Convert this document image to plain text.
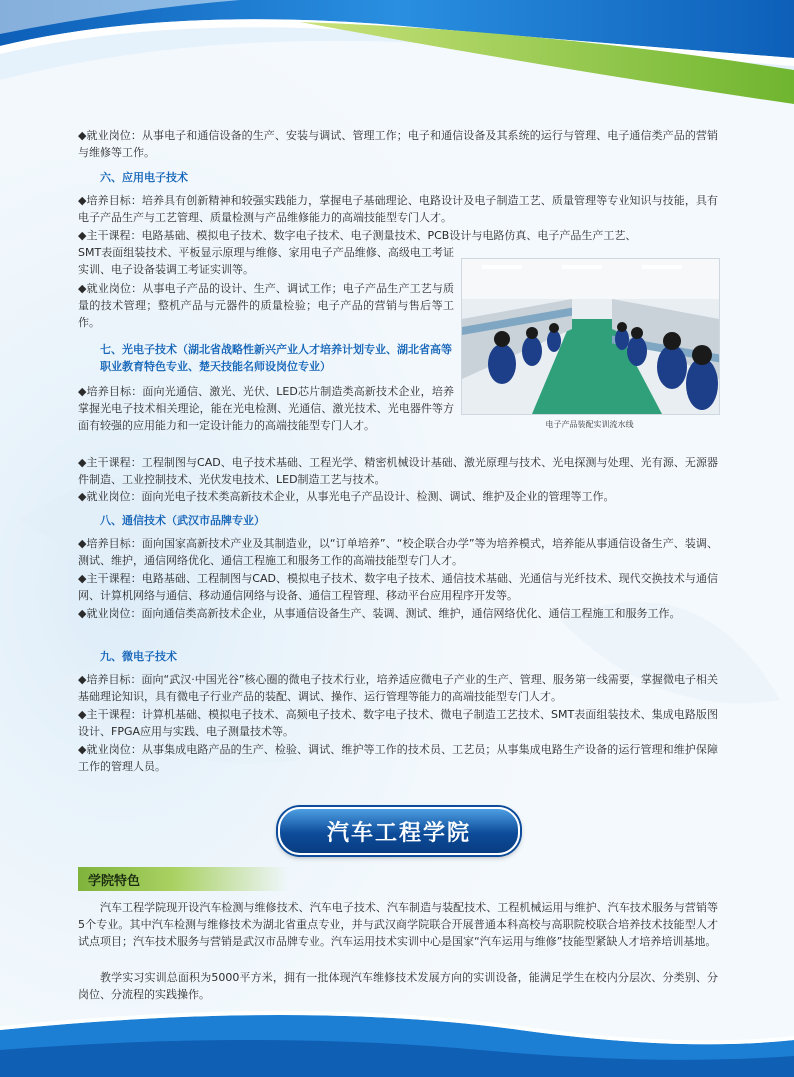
◆就业岗位：从事电子和通信设备的生产、安装与调试、管理工作；电子和通信设备及其系统的运行与管理、电子通信类产品的营销与维修等工作。

六、应用电子技术

◆培养目标：培养具有创新精神和较强实践能力，掌握电子基础理论、电路设计及电子制造工艺、质量管理等专业知识与技能，具有电子产品生产与工艺管理、质量检测与产品维修能力的高端技能型专门人才。

◆主干课程：电路基础、模拟电子技术、数字电子技术、电子测量技术、PCB设计与电路仿真、电子产品生产工艺、

SMT表面组装技术、平板显示原理与维修、家用电子产品维修、高级电工考证实训、电子设备装调工考证实训等。

◆就业岗位：从事电子产品的设计、生产、调试工作；电子产品生产工艺与质量的技术管理；整机产品与元器件的质量检验；电子产品的营销与售后等工作。

七、光电子技术（湖北省战略性新兴产业人才培养计划专业、湖北省高等职业教育特色专业、楚天技能名师设岗位专业）

◆培养目标：面向光通信、激光、光伏、LED芯片制造类高新技术企业，培养掌握光电子技术相关理论，能在光电检测、光通信、激光技术、光电器件等方面有较强的应用能力和一定设计能力的高端技能型专门人才。

◆主干课程：工程制图与CAD、电子技术基础、工程光学、精密机械设计基础、激光原理与技术、光电探测与处理、光有源、无源器件制造、工业控制技术、光伏发电技术、LED制造工艺与技术。

◆就业岗位：面向光电子技术类高新技术企业，从事光电子产品设计、检测、调试、维护及企业的管理等工作。

电子产品装配实训流水线
八、通信技术（武汉市品牌专业）

◆培养目标：面向国家高新技术产业及其制造业，以“订单培养”、“校企联合办学”等为培养模式，培养能从事通信设备生产、装调、测试、维护，通信网络优化、通信工程施工和服务工作的高端技能型专门人才。

◆主干课程：电路基础、工程制图与CAD、模拟电子技术、数字电子技术、通信技术基础、光通信与光纤技术、现代交换技术与通信网、计算机网络与通信、移动通信网络与设备、通信工程管理、移动平台应用程序开发等。

◆就业岗位：面向通信类高新技术企业，从事通信设备生产、装调、测试、维护，通信网络优化、通信工程施工和服务工作。

九、微电子技术

◆培养目标：面向“武汉·中国光谷”核心圈的微电子技术行业，培养适应微电子产业的生产、管理、服务第一线需要，掌握微电子相关基础理论知识，具有微电子行业产品的装配、调试、操作、运行管理等能力的高端技能型专门人才。

◆主干课程：计算机基础、模拟电子技术、高频电子技术、数字电子技术、微电子制造工艺技术、SMT表面组装技术、集成电路版图设计、FPGA应用与实践、电子测量技术等。

◆就业岗位：从事集成电路产品的生产、检验、调试、维护等工作的技术员、工艺员；从事集成电路生产设备的运行管理和维护保障工作的管理人员。

汽车工程学院
学院特色

汽车工程学院现开设汽车检测与维修技术、汽车电子技术、汽车制造与装配技术、工程机械运用与维护、汽车技术服务与营销等5个专业。其中汽车检测与维修技术为湖北省重点专业，并与武汉商学院联合开展普通本科高校与高职院校联合培养技术技能型人才试点项目；汽车技术服务与营销是武汉市品牌专业。汽车运用技术实训中心是国家“汽车运用与维修”技能型紧缺人才培养培训基地。

教学实习实训总面积为5000平方米，拥有一批体现汽车维修技术发展方向的实训设备，能满足学生在校内分层次、分类别、分岗位、分流程的实践操作。
